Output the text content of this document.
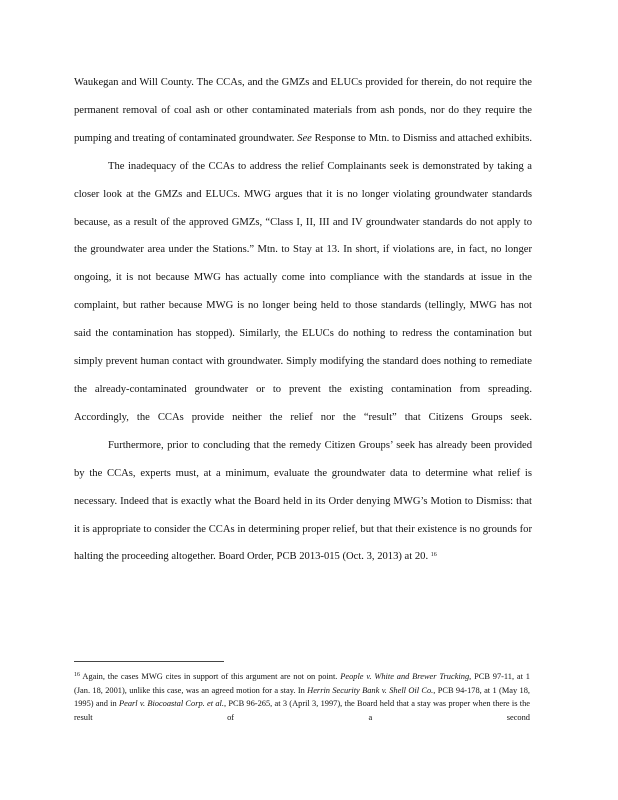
Waukegan and Will County. The CCAs, and the GMZs and ELUCs provided for therein, do not require the permanent removal of coal ash or other contaminated materials from ash ponds, nor do they require the pumping and treating of contaminated groundwater. See Response to Mtn. to Dismiss and attached exhibits.

The inadequacy of the CCAs to address the relief Complainants seek is demonstrated by taking a closer look at the GMZs and ELUCs. MWG argues that it is no longer violating groundwater standards because, as a result of the approved GMZs, “Class I, II, III and IV groundwater standards do not apply to the groundwater area under the Stations.” Mtn. to Stay at 13. In short, if violations are, in fact, no longer ongoing, it is not because MWG has actually come into compliance with the standards at issue in the complaint, but rather because MWG is no longer being held to those standards (tellingly, MWG has not said the contamination has stopped). Similarly, the ELUCs do nothing to redress the contamination but simply prevent human contact with groundwater. Simply modifying the standard does nothing to remediate the already-contaminated groundwater or to prevent the existing contamination from spreading. Accordingly, the CCAs provide neither the relief nor the “result” that Citizens Groups seek.

Furthermore, prior to concluding that the remedy Citizen Groups’ seek has already been provided by the CCAs, experts must, at a minimum, evaluate the groundwater data to determine what relief is necessary. Indeed that is exactly what the Board held in its Order denying MWG’s Motion to Dismiss: that it is appropriate to consider the CCAs in determining proper relief, but that their existence is no grounds for halting the proceeding altogether. Board Order, PCB 2013-015 (Oct. 3, 2013) at 20. $^{16}$

$^{16}$ Again, the cases MWG cites in support of this argument are not on point. People v. White and Brewer Trucking, PCB 97-11, at 1 (Jan. 18, 2001), unlike this case, was an agreed motion for a stay. In Herrin Security Bank v. Shell Oil Co., PCB 94-178, at 1 (May 18, 1995) and in Pearl v. Biocoastal Corp. et al., PCB 96-265, at 3 (April 3, 1997), the Board held that a stay was proper when there is the result of a second
